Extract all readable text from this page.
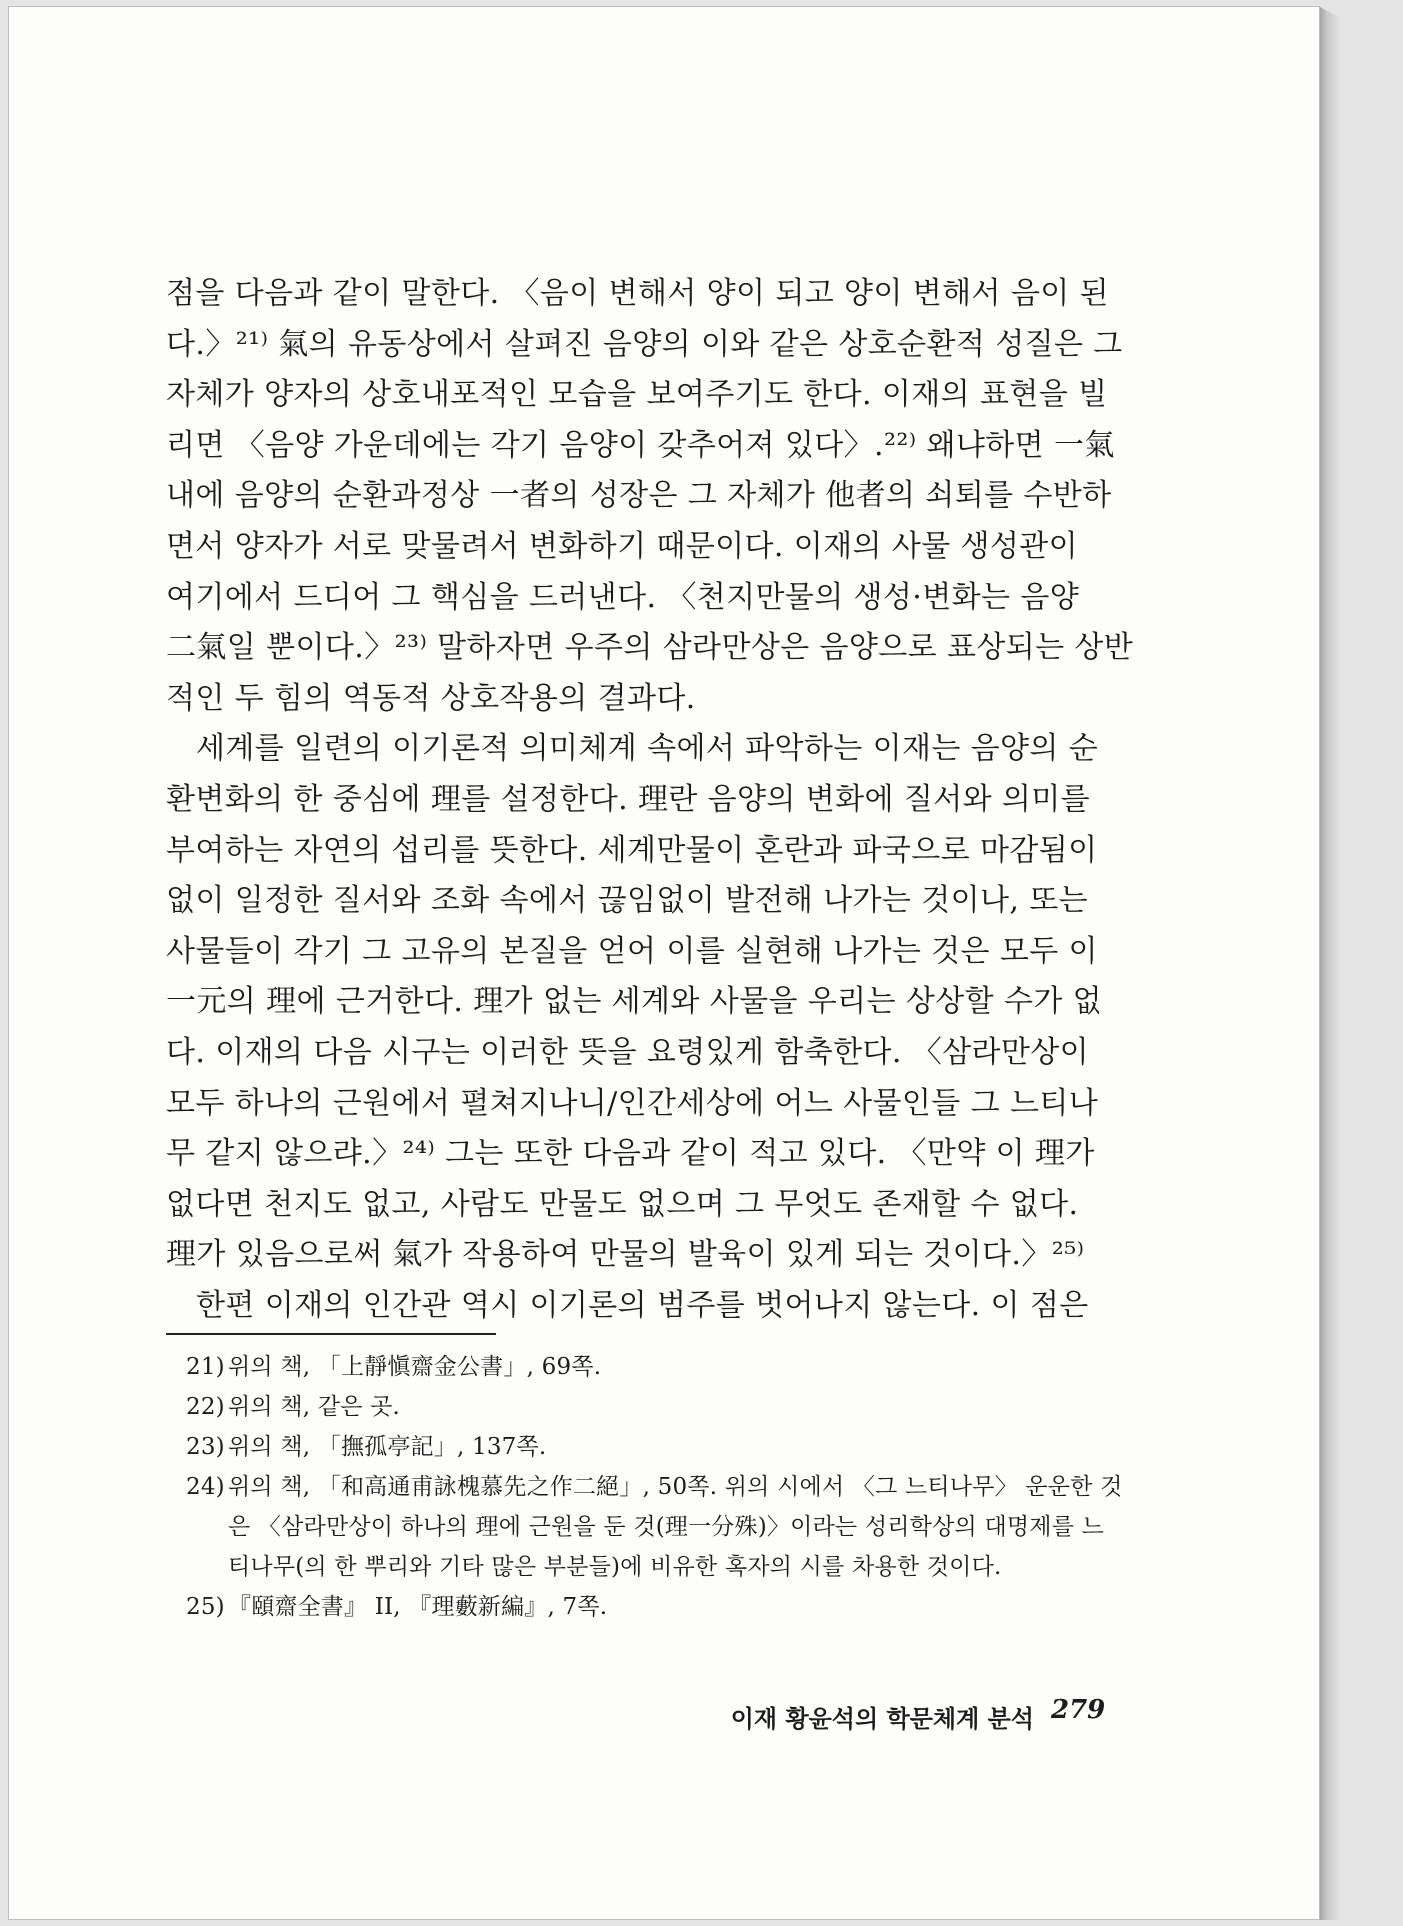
점을 다음과 같이 말한다. 〈음이 변해서 양이 되고 양이 변해서 음이 된
다.〉²¹⁾ 氣의 유동상에서 살펴진 음양의 이와 같은 상호순환적 성질은 그
자체가 양자의 상호내포적인 모습을 보여주기도 한다. 이재의 표현을 빌
리면 〈음양 가운데에는 각기 음양이 갖추어져 있다〉.²²⁾ 왜냐하면 一氣
내에 음양의 순환과정상 一者의 성장은 그 자체가 他者의 쇠퇴를 수반하
면서 양자가 서로 맞물려서 변화하기 때문이다. 이재의 사물 생성관이
여기에서 드디어 그 핵심을 드러낸다. 〈천지만물의 생성·변화는 음양
二氣일 뿐이다.〉²³⁾ 말하자면 우주의 삼라만상은 음양으로 표상되는 상반
적인 두 힘의 역동적 상호작용의 결과다.
세계를 일련의 이기론적 의미체계 속에서 파악하는 이재는 음양의 순
환변화의 한 중심에 理를 설정한다. 理란 음양의 변화에 질서와 의미를
부여하는 자연의 섭리를 뜻한다. 세계만물이 혼란과 파국으로 마감됨이
없이 일정한 질서와 조화 속에서 끊임없이 발전해 나가는 것이나, 또는
사물들이 각기 그 고유의 본질을 얻어 이를 실현해 나가는 것은 모두 이
一元의 理에 근거한다. 理가 없는 세계와 사물을 우리는 상상할 수가 없
다. 이재의 다음 시구는 이러한 뜻을 요령있게 함축한다. 〈삼라만상이
모두 하나의 근원에서 펼쳐지나니/인간세상에 어느 사물인들 그 느티나
무 같지 않으랴.〉²⁴⁾ 그는 또한 다음과 같이 적고 있다. 〈만약 이 理가
없다면 천지도 없고, 사람도 만물도 없으며 그 무엇도 존재할 수 없다.
理가 있음으로써 氣가 작용하여 만물의 발육이 있게 되는 것이다.〉²⁵⁾
한편 이재의 인간관 역시 이기론의 범주를 벗어나지 않는다. 이 점은
21) 위의 책, 「上靜愼齋金公書」, 69쪽.
22) 위의 책, 같은 곳.
23) 위의 책, 「撫孤亭記」, 137쪽.
24) 위의 책, 「和高通甫詠槐慕先之作二絕」, 50쪽. 위의 시에서 〈그 느티나무〉 운운한 것은 〈삼라만상이 하나의 理에 근원을 둔 것(理一分殊)〉이라는 성리학상의 대명제를 느티나무(의 한 뿌리와 기타 많은 부분들)에 비유한 혹자의 시를 차용한 것이다.
25) 『頤齋全書』 II, 『理藪新編』, 7쪽.
이재 황윤석의 학문체계 분석 279
